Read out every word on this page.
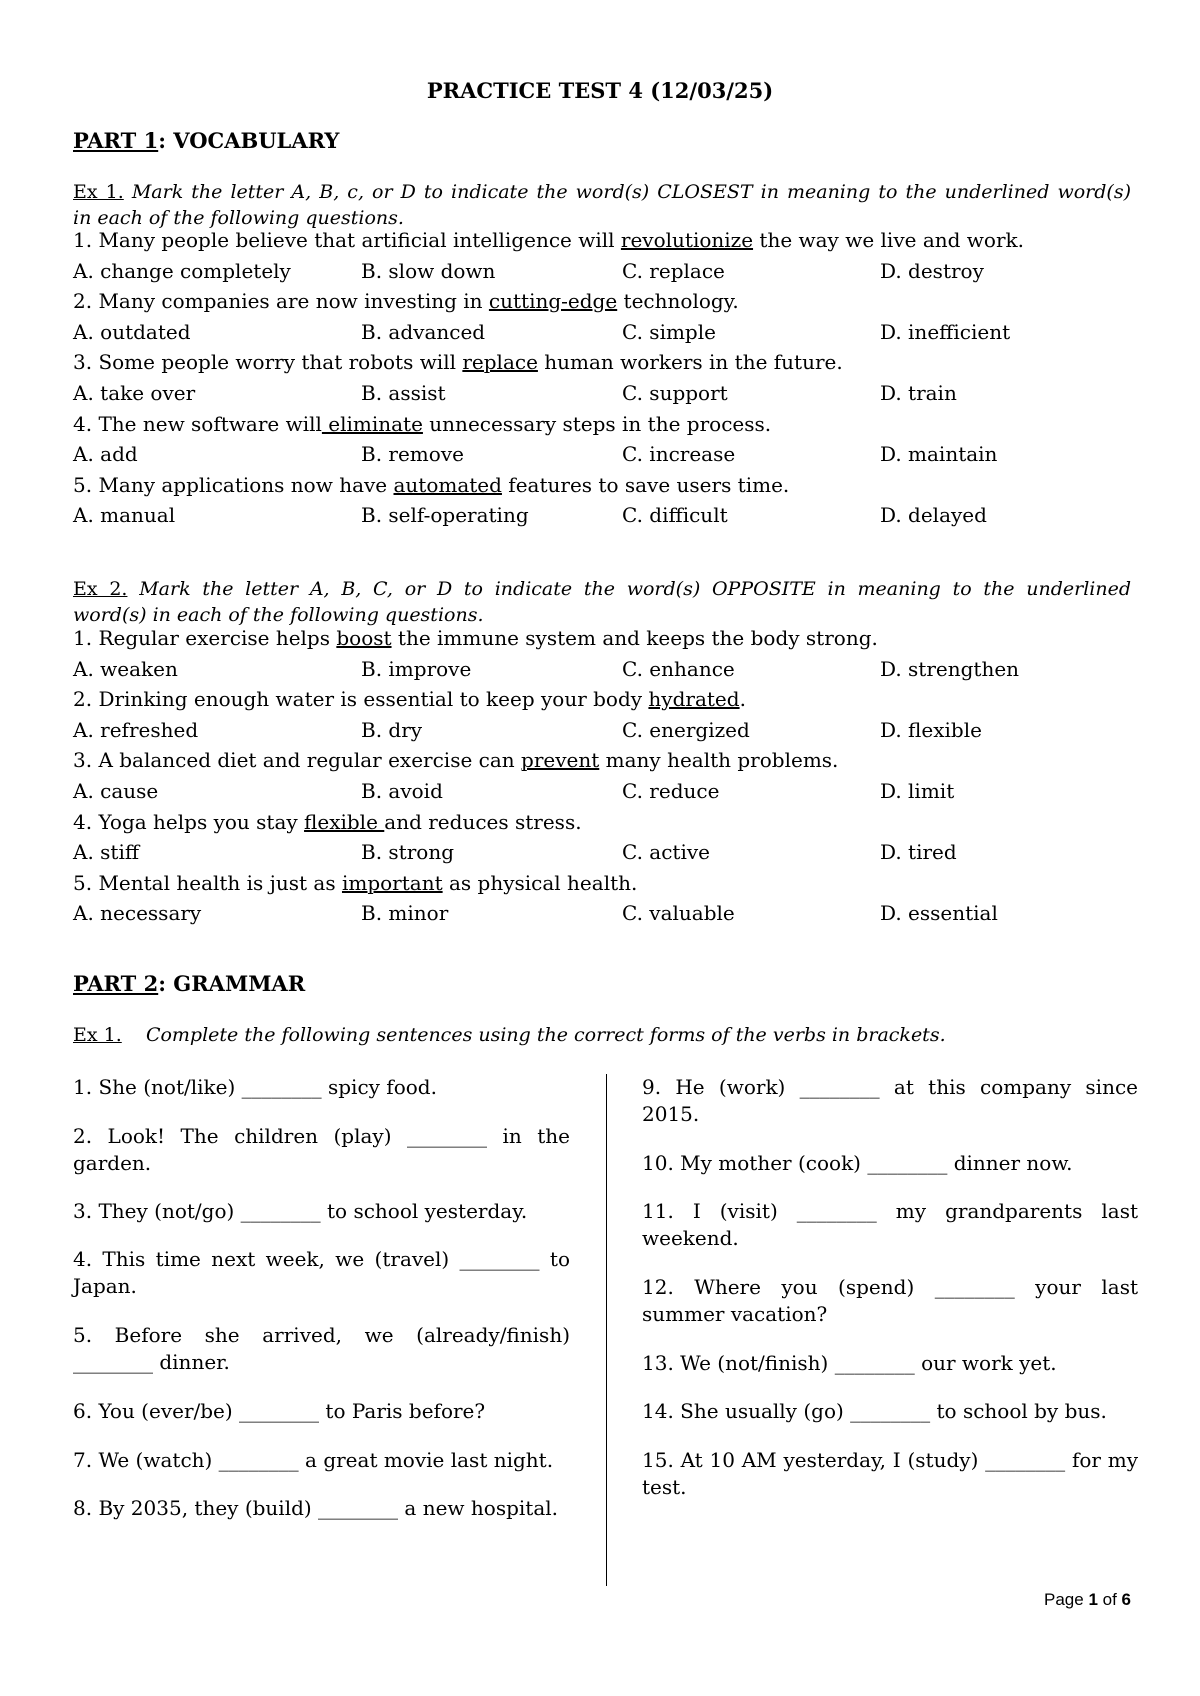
PRACTICE TEST 4 (12/03/25)
PART 1: VOCABULARY
Ex 1. Mark the letter A, B, c, or D to indicate the word(s) CLOSEST in meaning to the underlined word(s)
in each of the following questions.
1. Many people believe that artificial intelligence will revolutionize the way we live and work.
A. change completely	B. slow down	C. replace	D. destroy
2. Many companies are now investing in cutting-edge technology.
A. outdated	B. advanced	C. simple	D. inefficient
3. Some people worry that robots will replace human workers in the future.
A. take over	B. assist	C. support	D. train
4. The new software will eliminate unnecessary steps in the process.
A. add	B. remove	C. increase	D. maintain
5. Many applications now have automated features to save users time.
A. manual	B. self-operating	C. difficult	D. delayed
Ex 2. Mark the letter A, B, C, or D to indicate the word(s) OPPOSITE in meaning to the underlined
word(s) in each of the following questions.
1. Regular exercise helps boost the immune system and keeps the body strong.
A. weaken	B. improve	C. enhance	D. strengthen
2. Drinking enough water is essential to keep your body hydrated.
A. refreshed	B. dry	C. energized	D. flexible
3. A balanced diet and regular exercise can prevent many health problems.
A. cause	B. avoid	C. reduce	D. limit
4. Yoga helps you stay flexible and reduces stress.
A. stiff	B. strong	C. active	D. tired
5. Mental health is just as important as physical health.
A. necessary	B. minor	C. valuable	D. essential
PART 2: GRAMMAR
Ex 1. Complete the following sentences using the correct forms of the verbs in brackets.
1. She (not/like) ________ spicy food.
2. Look! The children (play) ________ in the garden.
3. They (not/go) ________ to school yesterday.
4. This time next week, we (travel) ________ to Japan.
5. Before she arrived, we (already/finish) ________ dinner.
6. You (ever/be) ________ to Paris before?
7. We (watch) ________ a great movie last night.
8. By 2035, they (build) ________ a new hospital.
9. He (work) ________ at this company since 2015.
10. My mother (cook) ________ dinner now.
11. I (visit) ________ my grandparents last weekend.
12. Where you (spend) ________ your last summer vacation?
13. We (not/finish) ________ our work yet.
14. She usually (go) ________ to school by bus.
15. At 10 AM yesterday, I (study) ________ for my test.
Page 1 of 6
